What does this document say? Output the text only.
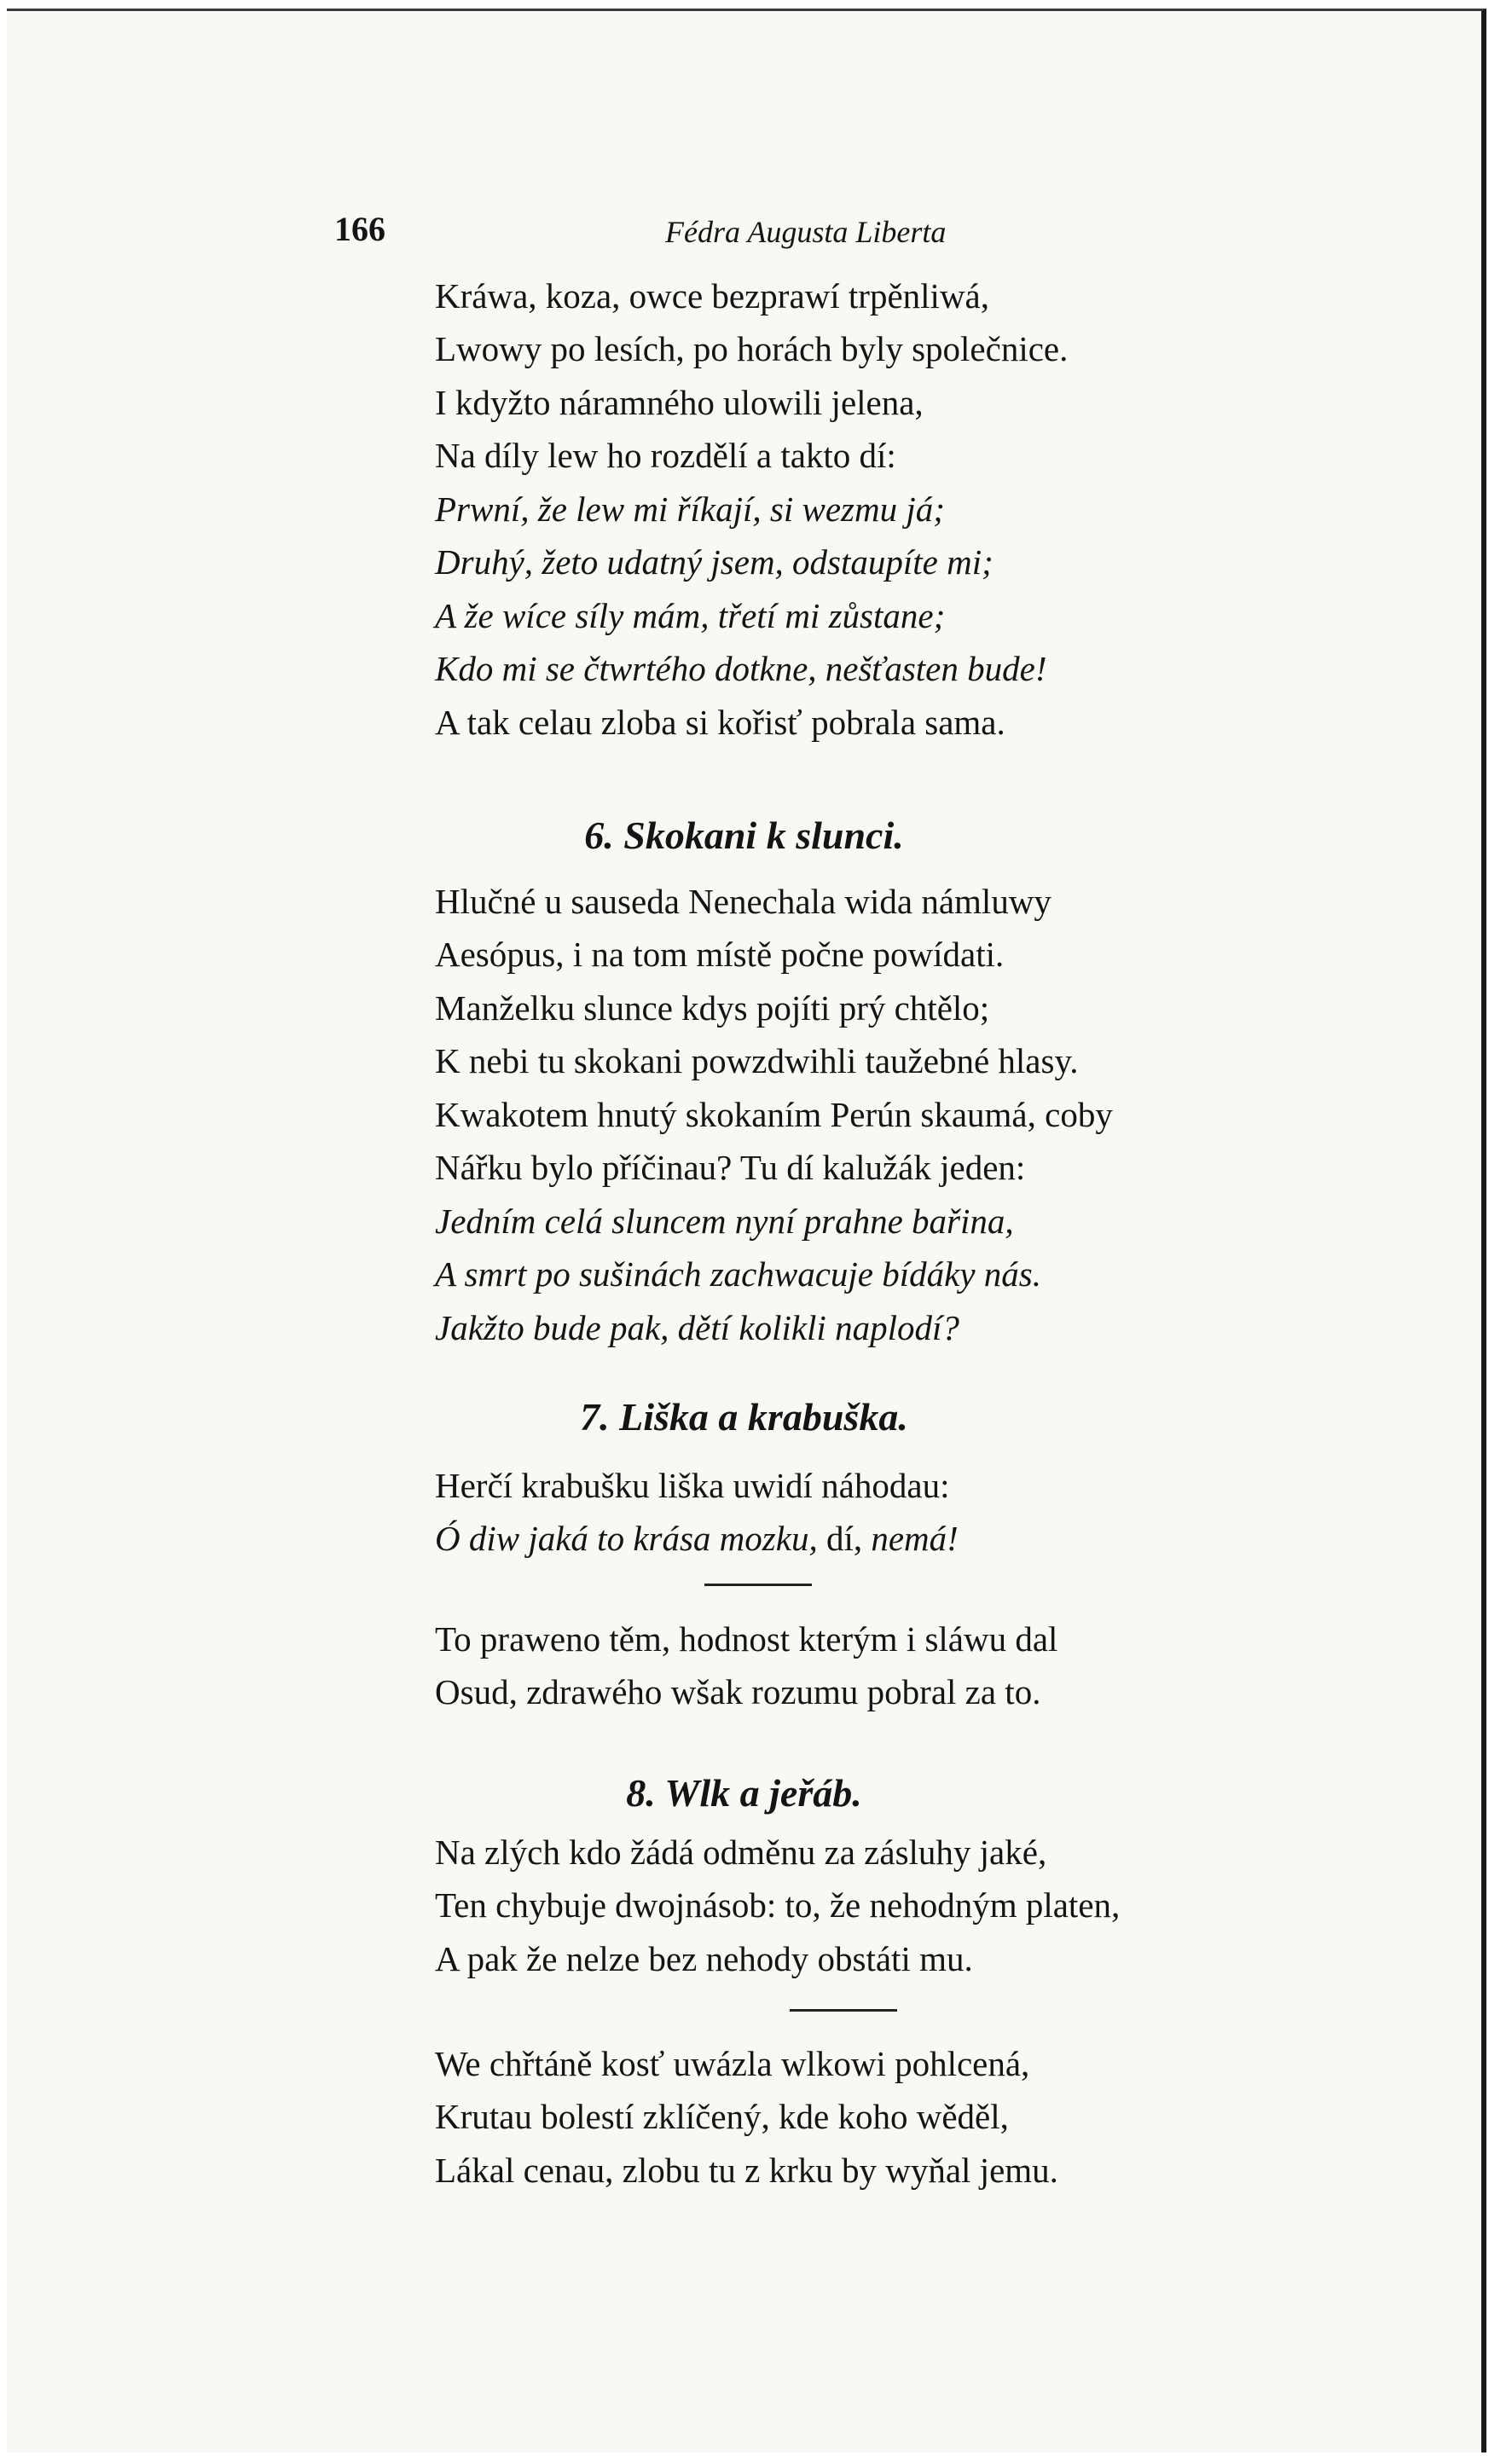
166	Fédra Augusta Liberta
Kráwa, koza, owce bezprawí trpěnliwá,
Lwowy po lesích, po horách byly společnice.
I kdyžto náramného ulowili jelena,
Na díly lew ho rozdělí a takto dí:
Prwní, že lew mi říkají, si wezmu já;
Druhý, žeto udatný jsem, odstaupíte mi;
A že wíce síly mám, třetí mi zůstane;
Kdo mi se čtwrtého dotkne, nešťasten bude!
A tak celau zloba si kořisť pobrala sama.
6. Skokani k slunci.
Hlučné u sauseda Nenechala wida námluwy
Aesópus, i na tom místě počne powídati.
Manželku slunce kdys pojíti prý chtělo;
K nebi tu skokani powzdwihli taužebné hlasy.
Kwakotem hnutý skokaním Perún skaumá, coby
Nářku bylo příčinau? Tu dí kalužák jeden:
Jedním celá sluncem nyní prahne bařina,
A smrt po sušinách zachwacuje bídáky nás.
Jakžto bude pak, dětí kolikli naplodí?
7. Liška a krabuška.
Herčí krabušku liška uwidí náhodau:
Ó diw jaká to krása mozku, dí, nemá!
To praweno těm, hodnost kterým i sláwu dal
Osud, zdrawého wšak rozumu pobral za to.
8. Wlk a jeřáb.
Na zlých kdo žádá odměnu za zásluhy jaké,
Ten chybuje dwojnásob: to, že nehodným platen,
A pak že nelze bez nehody obstáti mu.
We chřtáně kosť uwázla wlkowi pohlcená,
Krutau bolestí zklíčený, kde koho wěděl,
Lákal cenau, zlobu tu z krku by wyňal jemu.
